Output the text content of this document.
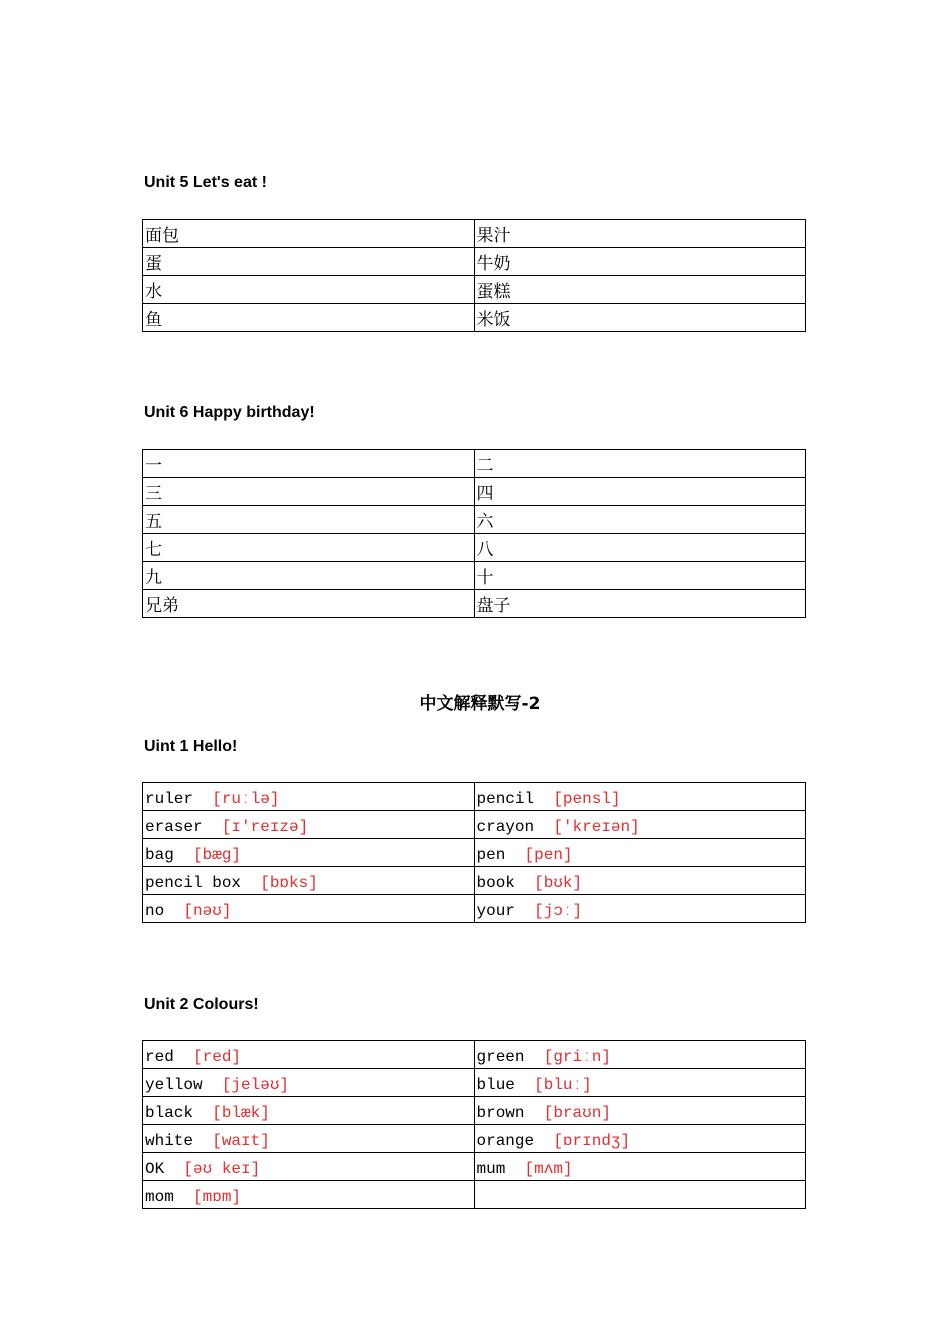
Unit 5 Let's eat !
面包	果汁
蛋	牛奶
水	蛋糕
鱼	米饭
Unit 6 Happy birthday!
一	二
三	四
五	六
七	八
九	十
兄弟	盘子
中文解释默写-2
Uint 1 Hello!
ruler [ruːlə]	pencil [pensl]
eraser [ɪ'reɪzə]	crayon ['kreɪən]
bag [bæg]	pen [pen]
pencil box [bɒks]	book [bʊk]
no [nəʊ]	your [jɔː]
Unit 2 Colours!
red [red]	green [griːn]
yellow [jeləʊ]	blue [bluː]
black [blæk]	brown [braʊn]
white [waɪt]	orange [ɒrɪndʒ]
OK [əʊ keɪ]	mum [mʌm]
mom [mɒm]	
